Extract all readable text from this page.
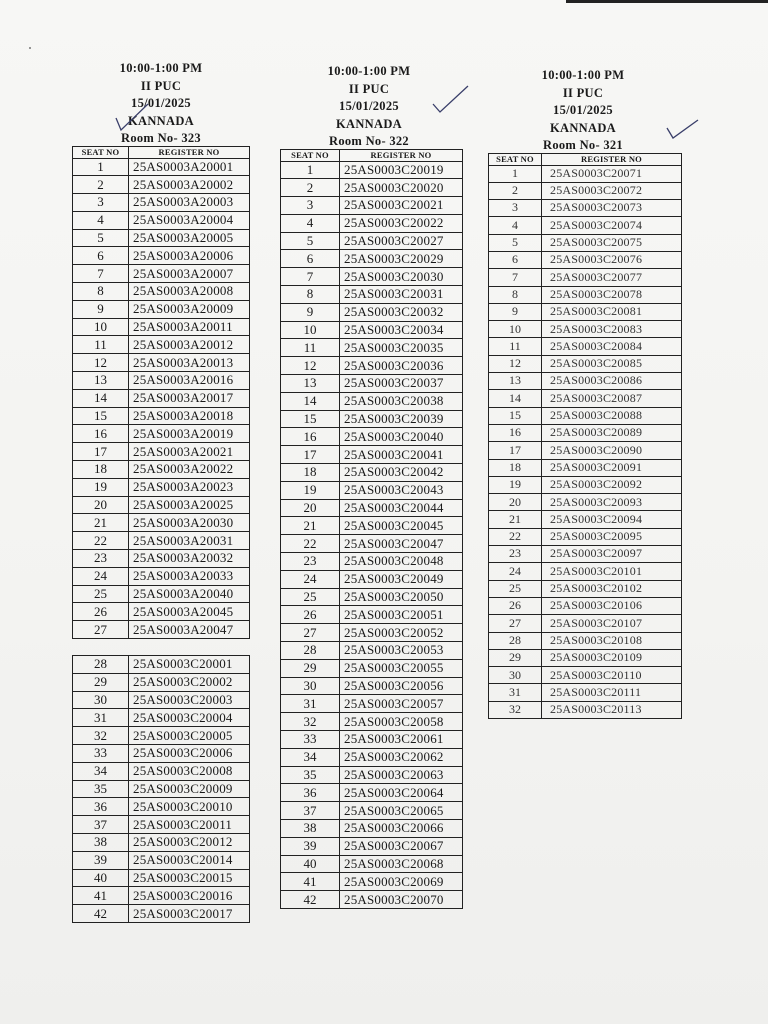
10:00-1:00 PM
II PUC
15/01/2025
KANNADA
Room No- 323
SEAT NO	REGISTER NO
1	25AS0003A20001
2	25AS0003A20002
3	25AS0003A20003
4	25AS0003A20004
5	25AS0003A20005
6	25AS0003A20006
7	25AS0003A20007
8	25AS0003A20008
9	25AS0003A20009
10	25AS0003A20011
11	25AS0003A20012
12	25AS0003A20013
13	25AS0003A20016
14	25AS0003A20017
15	25AS0003A20018
16	25AS0003A20019
17	25AS0003A20021
18	25AS0003A20022
19	25AS0003A20023
20	25AS0003A20025
21	25AS0003A20030
22	25AS0003A20031
23	25AS0003A20032
24	25AS0003A20033
25	25AS0003A20040
26	25AS0003A20045
27	25AS0003A20047
28	25AS0003C20001
29	25AS0003C20002
30	25AS0003C20003
31	25AS0003C20004
32	25AS0003C20005
33	25AS0003C20006
34	25AS0003C20008
35	25AS0003C20009
36	25AS0003C20010
37	25AS0003C20011
38	25AS0003C20012
39	25AS0003C20014
40	25AS0003C20015
41	25AS0003C20016
42	25AS0003C20017
10:00-1:00 PM
II PUC
15/01/2025
KANNADA
Room No- 322
SEAT NO	REGISTER NO
1	25AS0003C20019
2	25AS0003C20020
3	25AS0003C20021
4	25AS0003C20022
5	25AS0003C20027
6	25AS0003C20029
7	25AS0003C20030
8	25AS0003C20031
9	25AS0003C20032
10	25AS0003C20034
11	25AS0003C20035
12	25AS0003C20036
13	25AS0003C20037
14	25AS0003C20038
15	25AS0003C20039
16	25AS0003C20040
17	25AS0003C20041
18	25AS0003C20042
19	25AS0003C20043
20	25AS0003C20044
21	25AS0003C20045
22	25AS0003C20047
23	25AS0003C20048
24	25AS0003C20049
25	25AS0003C20050
26	25AS0003C20051
27	25AS0003C20052
28	25AS0003C20053
29	25AS0003C20055
30	25AS0003C20056
31	25AS0003C20057
32	25AS0003C20058
33	25AS0003C20061
34	25AS0003C20062
35	25AS0003C20063
36	25AS0003C20064
37	25AS0003C20065
38	25AS0003C20066
39	25AS0003C20067
40	25AS0003C20068
41	25AS0003C20069
42	25AS0003C20070
10:00-1:00 PM
II PUC
15/01/2025
KANNADA
Room No- 321
SEAT NO	REGISTER NO
1	25AS0003C20071
2	25AS0003C20072
3	25AS0003C20073
4	25AS0003C20074
5	25AS0003C20075
6	25AS0003C20076
7	25AS0003C20077
8	25AS0003C20078
9	25AS0003C20081
10	25AS0003C20083
11	25AS0003C20084
12	25AS0003C20085
13	25AS0003C20086
14	25AS0003C20087
15	25AS0003C20088
16	25AS0003C20089
17	25AS0003C20090
18	25AS0003C20091
19	25AS0003C20092
20	25AS0003C20093
21	25AS0003C20094
22	25AS0003C20095
23	25AS0003C20097
24	25AS0003C20101
25	25AS0003C20102
26	25AS0003C20106
27	25AS0003C20107
28	25AS0003C20108
29	25AS0003C20109
30	25AS0003C20110
31	25AS0003C20111
32	25AS0003C20113
